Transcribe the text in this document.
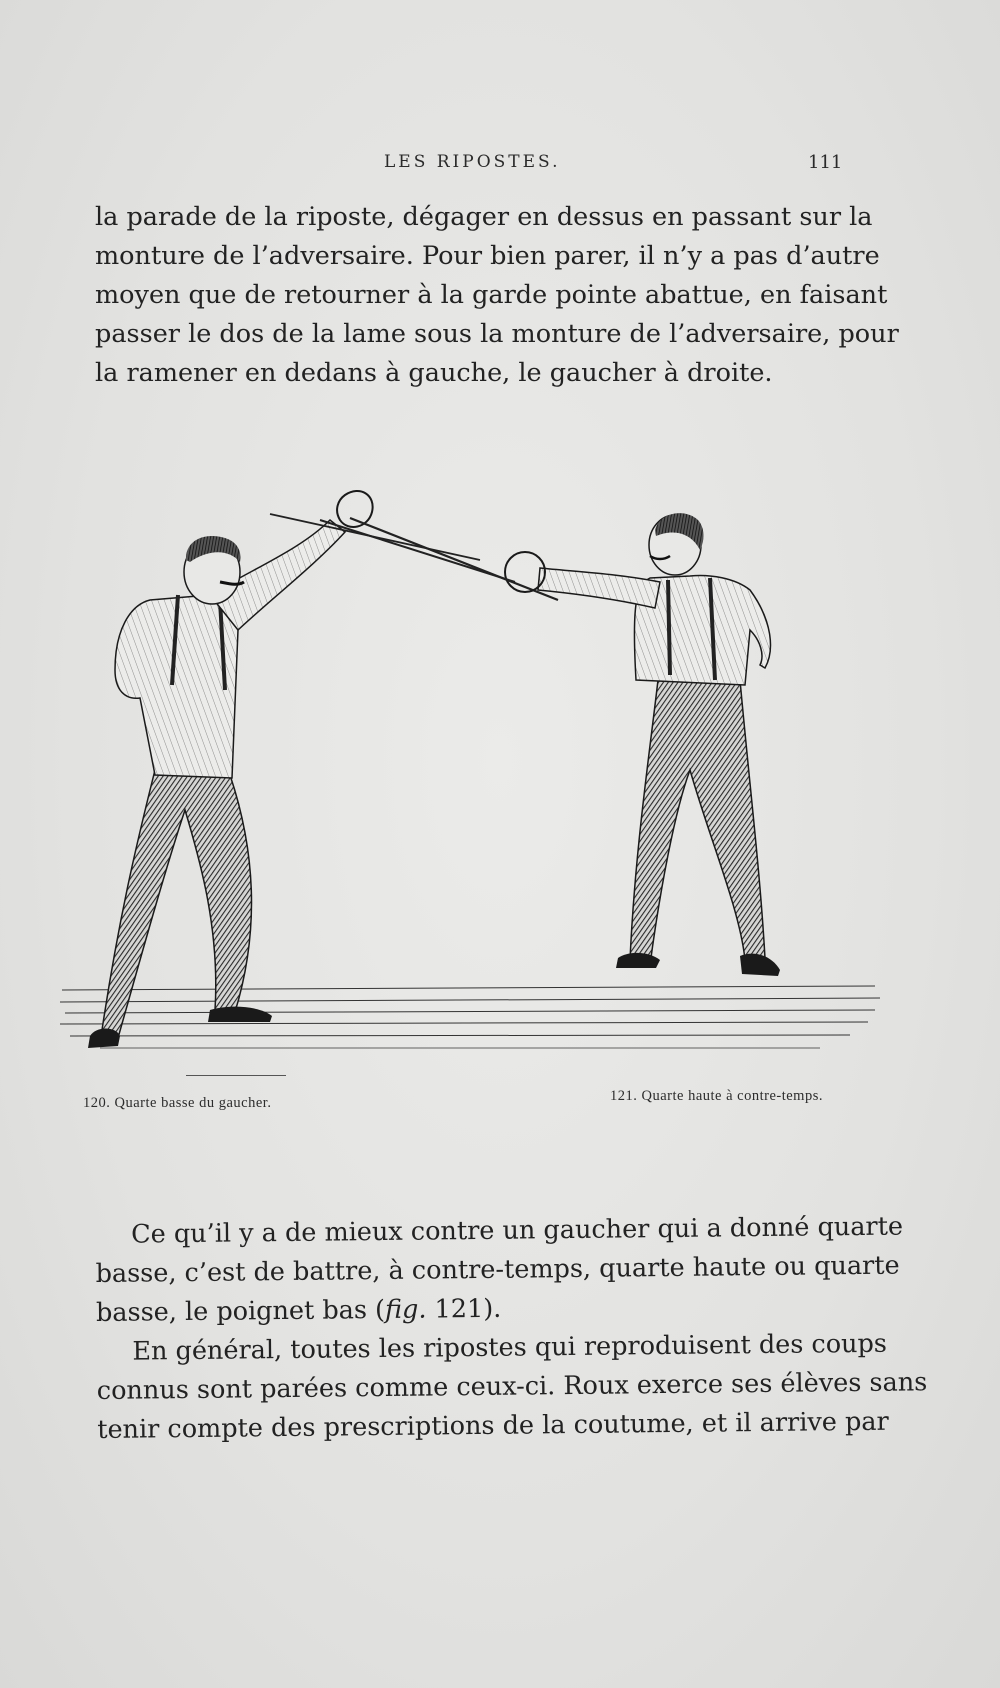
LES RIPOSTES.	111
la parade de la riposte, dégager en dessus en passant sur la
monture de l’adversaire. Pour bien parer, il n’y a pas d’autre
moyen que de retourner à la garde pointe abattue, en faisant
passer le dos de la lame sous la monture de l’adversaire, pour
la ramener en dedans à gauche, le gaucher à droite.
120. Quarte basse du gaucher.	121. Quarte haute à contre-temps.
Ce qu’il y a de mieux contre un gaucher qui a donné quarte
basse, c’est de battre, à contre-temps, quarte haute ou quarte
basse, le poignet bas (fig. 121).
En général, toutes les ripostes qui reproduisent des coups
connus sont parées comme ceux-ci. Roux exerce ses élèves sans
tenir compte des prescriptions de la coutume, et il arrive par
